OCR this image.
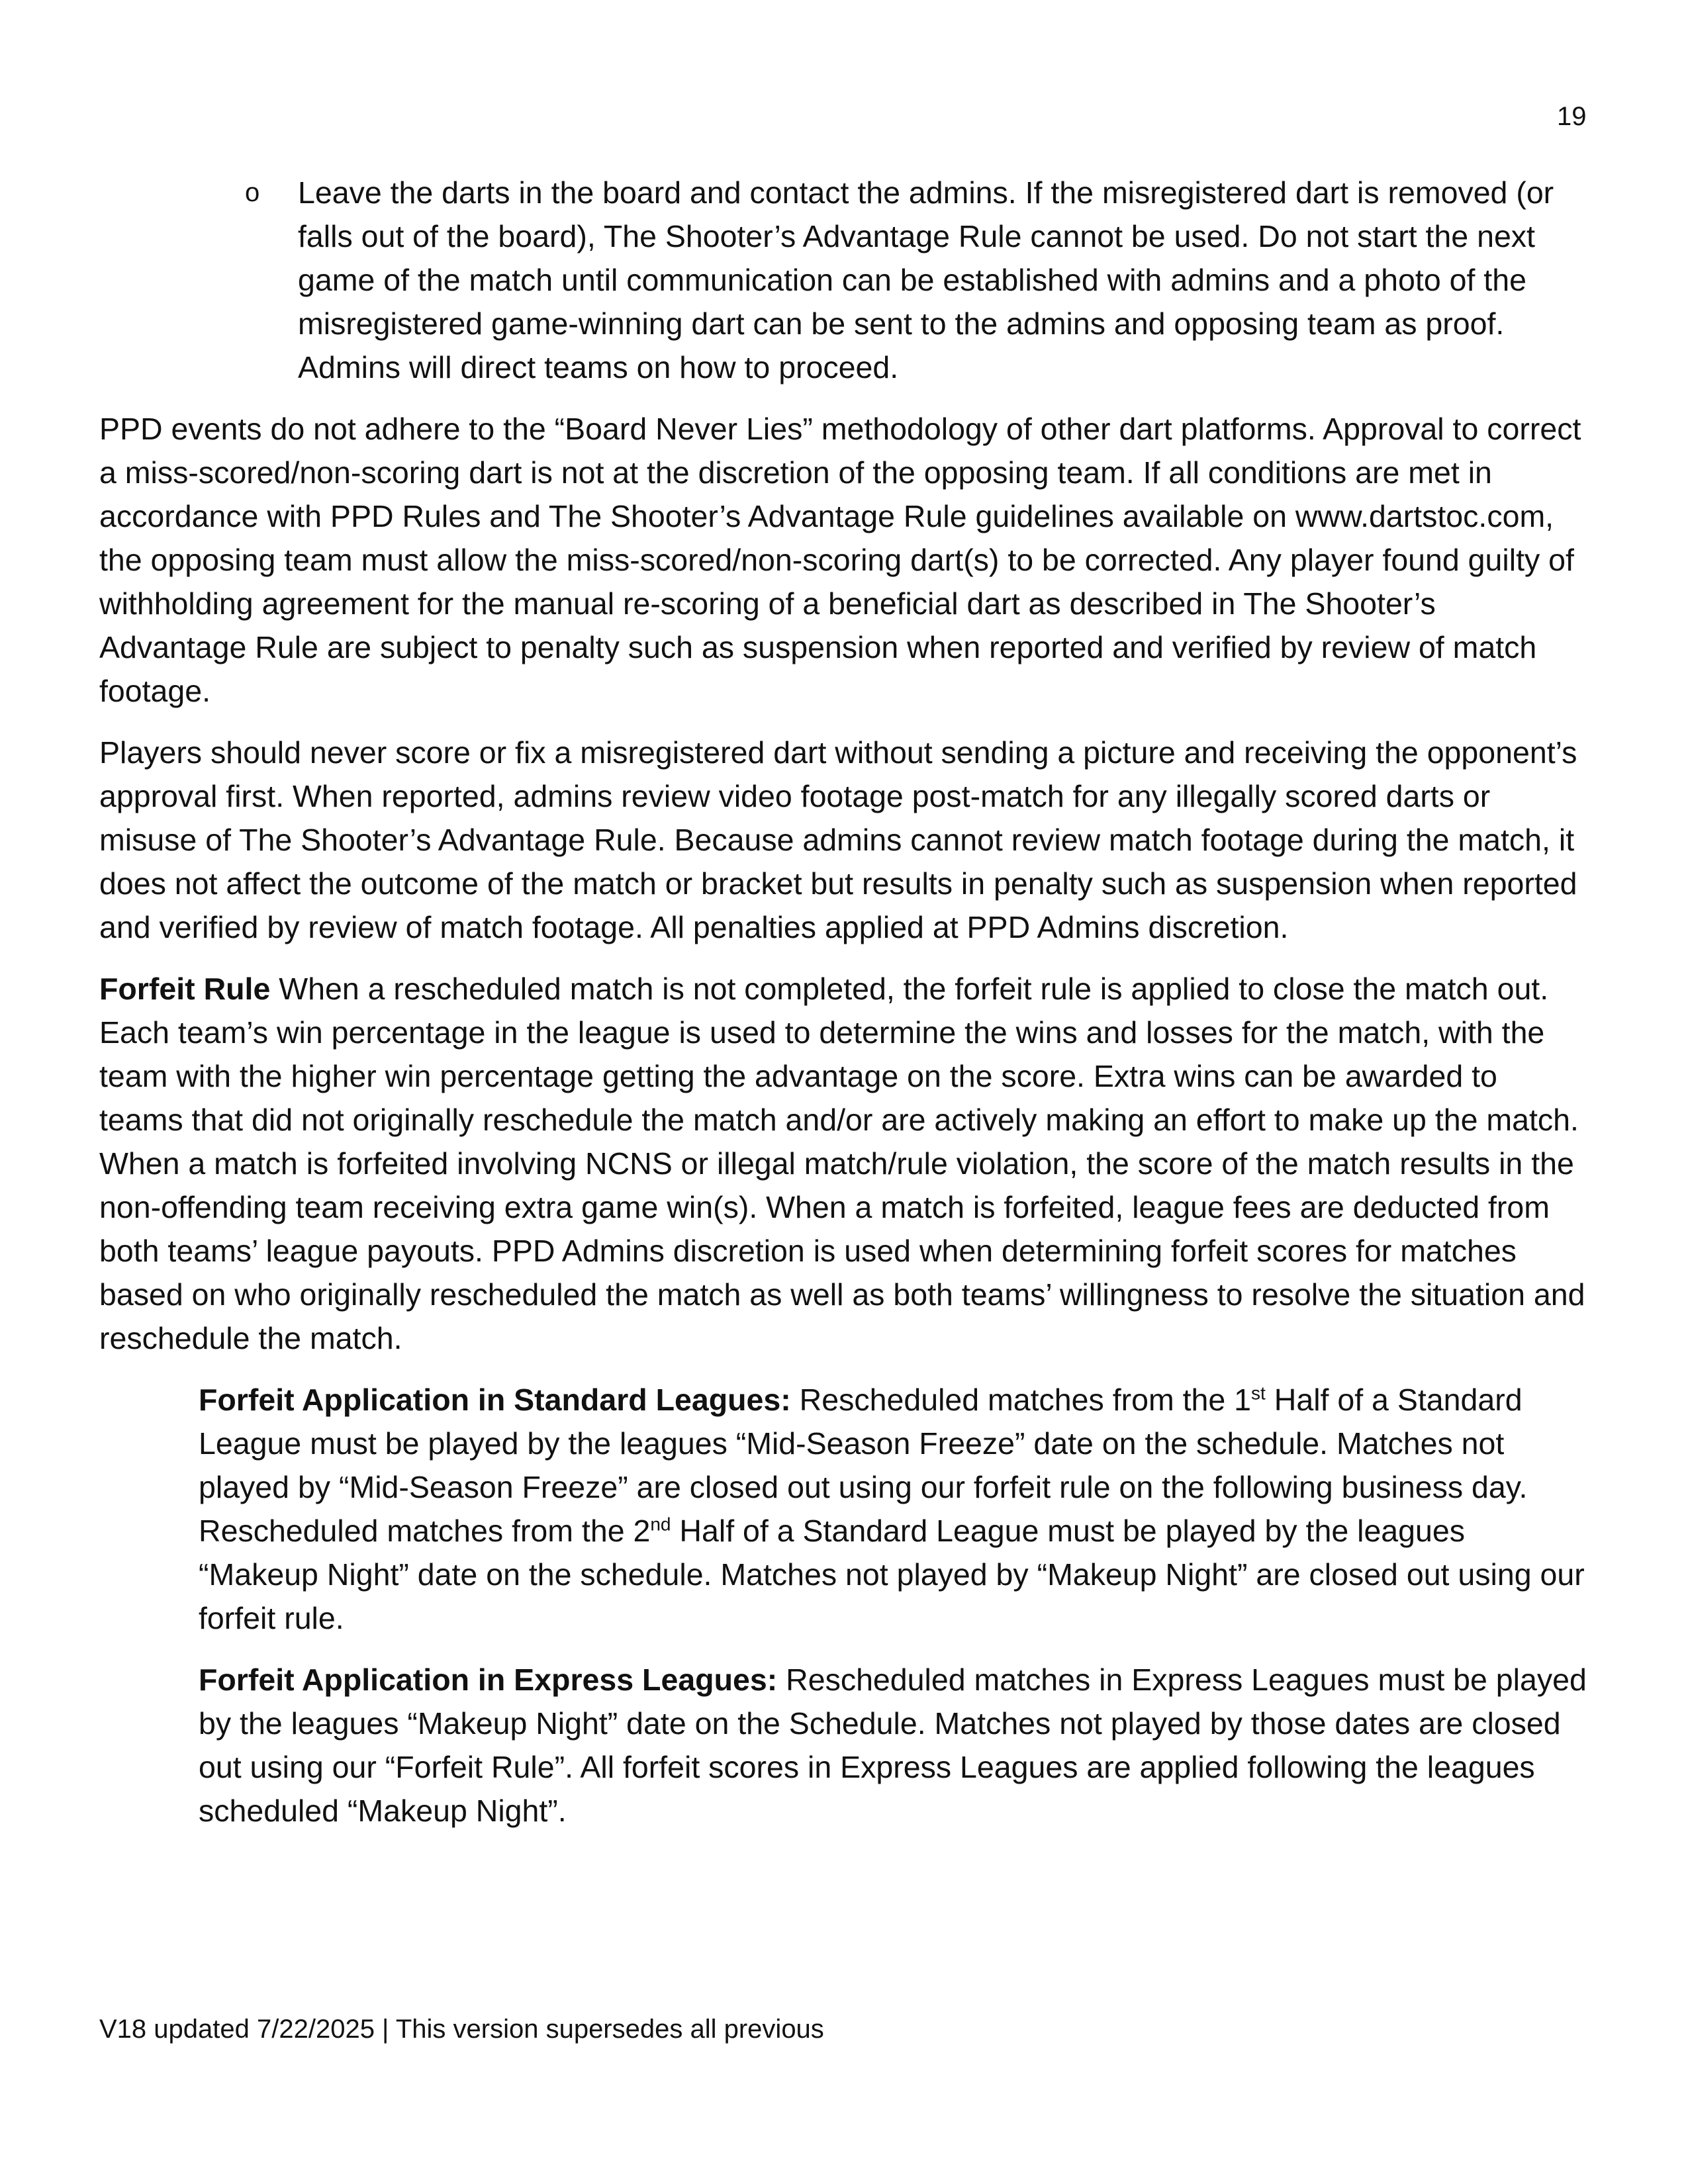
19
o	Leave the darts in the board and contact the admins. If the misregistered dart is removed (or falls out of the board), The Shooter’s Advantage Rule cannot be used. Do not start the next game of the match until communication can be established with admins and a photo of the misregistered game-winning dart can be sent to the admins and opposing team as proof. Admins will direct teams on how to proceed.

PPD events do not adhere to the “Board Never Lies” methodology of other dart platforms. Approval to correct a miss-scored/non-scoring dart is not at the discretion of the opposing team. If all conditions are met in accordance with PPD Rules and The Shooter’s Advantage Rule guidelines available on www.dartstoc.com, the opposing team must allow the miss-scored/non-scoring dart(s) to be corrected. Any player found guilty of withholding agreement for the manual re-scoring of a beneficial dart as described in The Shooter’s Advantage Rule are subject to penalty such as suspension when reported and verified by review of match footage.

Players should never score or fix a misregistered dart without sending a picture and receiving the opponent’s approval first. When reported, admins review video footage post-match for any illegally scored darts or misuse of The Shooter’s Advantage Rule. Because admins cannot review match footage during the match, it does not affect the outcome of the match or bracket but results in penalty such as suspension when reported and verified by review of match footage. All penalties applied at PPD Admins discretion.

Forfeit Rule When a rescheduled match is not completed, the forfeit rule is applied to close the match out. Each team’s win percentage in the league is used to determine the wins and losses for the match, with the team with the higher win percentage getting the advantage on the score. Extra wins can be awarded to teams that did not originally reschedule the match and/or are actively making an effort to make up the match. When a match is forfeited involving NCNS or illegal match/rule violation, the score of the match results in the non-offending team receiving extra game win(s). When a match is forfeited, league fees are deducted from both teams’ league payouts. PPD Admins discretion is used when determining forfeit scores for matches based on who originally rescheduled the match as well as both teams’ willingness to resolve the situation and reschedule the match.

Forfeit Application in Standard Leagues: Rescheduled matches from the 1st Half of a Standard League must be played by the leagues “Mid-Season Freeze” date on the schedule. Matches not played by “Mid-Season Freeze” are closed out using our forfeit rule on the following business day. Rescheduled matches from the 2nd Half of a Standard League must be played by the leagues “Makeup Night” date on the schedule. Matches not played by “Makeup Night” are closed out using our forfeit rule.

Forfeit Application in Express Leagues: Rescheduled matches in Express Leagues must be played by the leagues “Makeup Night” date on the Schedule. Matches not played by those dates are closed out using our “Forfeit Rule”. All forfeit scores in Express Leagues are applied following the leagues scheduled “Makeup Night”.

V18 updated 7/22/2025 | This version supersedes all previous
